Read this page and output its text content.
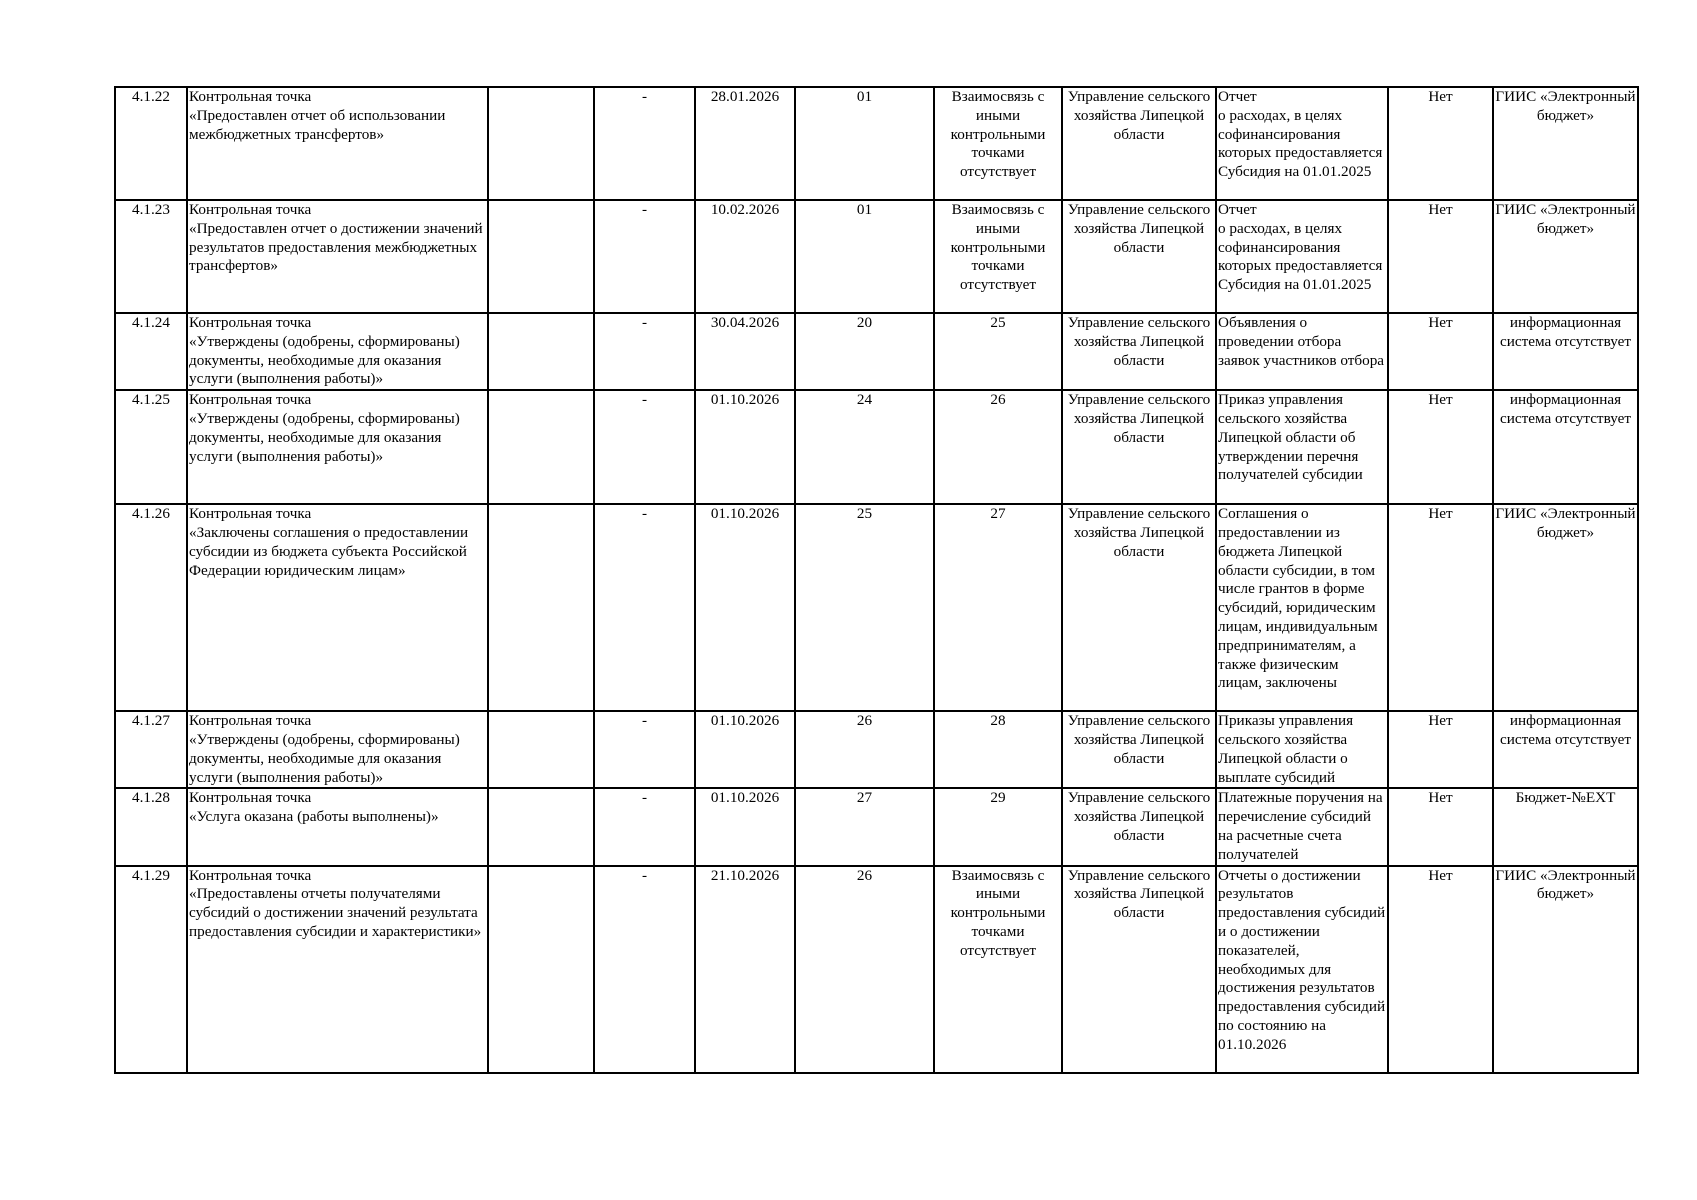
4.1.22	Контрольная точка
«Предоставлен отчет об использовании межбюджетных трансфертов»		-	28.01.2026	01	Взаимосвязь с иными контрольными точками отсутствует	Управление сельского хозяйства Липецкой области	Отчет
о расходах, в целях софинансирования которых предоставляется Субсидия на 01.01.2025	Нет	ГИИС «Электронный бюджет»
4.1.23	Контрольная точка
«Предоставлен отчет о достижении значений результатов предоставления межбюджетных трансфертов»		-	10.02.2026	01	Взаимосвязь с иными контрольными точками отсутствует	Управление сельского хозяйства Липецкой области	Отчет
о расходах, в целях софинансирования которых предоставляется Субсидия на 01.01.2025	Нет	ГИИС «Электронный бюджет»
4.1.24	Контрольная точка
«Утверждены (одобрены, сформированы) документы, необходимые для оказания услуги (выполнения работы)»		-	30.04.2026	20	25	Управление сельского хозяйства Липецкой области	Объявления о проведении отбора заявок участников отбора	Нет	информационная система отсутствует
4.1.25	Контрольная точка
«Утверждены (одобрены, сформированы) документы, необходимые для оказания услуги (выполнения работы)»		-	01.10.2026	24	26	Управление сельского хозяйства Липецкой области	Приказ управления сельского хозяйства Липецкой области об утверждении перечня получателей субсидии	Нет	информационная система отсутствует
4.1.26	Контрольная точка
«Заключены соглашения о предоставлении субсидии из бюджета субъекта Российской Федерации юридическим лицам»		-	01.10.2026	25	27	Управление сельского хозяйства Липецкой области	Соглашения о предоставлении из бюджета Липецкой области субсидии, в том числе грантов в форме субсидий, юридическим лицам, индивидуальным предпринимателям, а также физическим лицам, заключены	Нет	ГИИС «Электронный бюджет»
4.1.27	Контрольная точка
«Утверждены (одобрены, сформированы) документы, необходимые для оказания услуги (выполнения работы)»		-	01.10.2026	26	28	Управление сельского хозяйства Липецкой области	Приказы управления сельского хозяйства Липецкой области о выплате субсидий	Нет	информационная система отсутствует
4.1.28	Контрольная точка
«Услуга оказана (работы выполнены)»		-	01.10.2026	27	29	Управление сельского хозяйства Липецкой области	Платежные поручения на перечисление субсидий на расчетные счета получателей	Нет	Бюджет-№EXT
4.1.29	Контрольная точка
«Предоставлены отчеты получателями субсидий о достижении значений результата предоставления субсидии и характеристики»		-	21.10.2026	26	Взаимосвязь с иными контрольными точками отсутствует	Управление сельского хозяйства Липецкой области	Отчеты о достижении результатов предоставления субсидий и о достижении показателей, необходимых для достижения результатов предоставления субсидий по состоянию на 01.10.2026	Нет	ГИИС «Электронный бюджет»
